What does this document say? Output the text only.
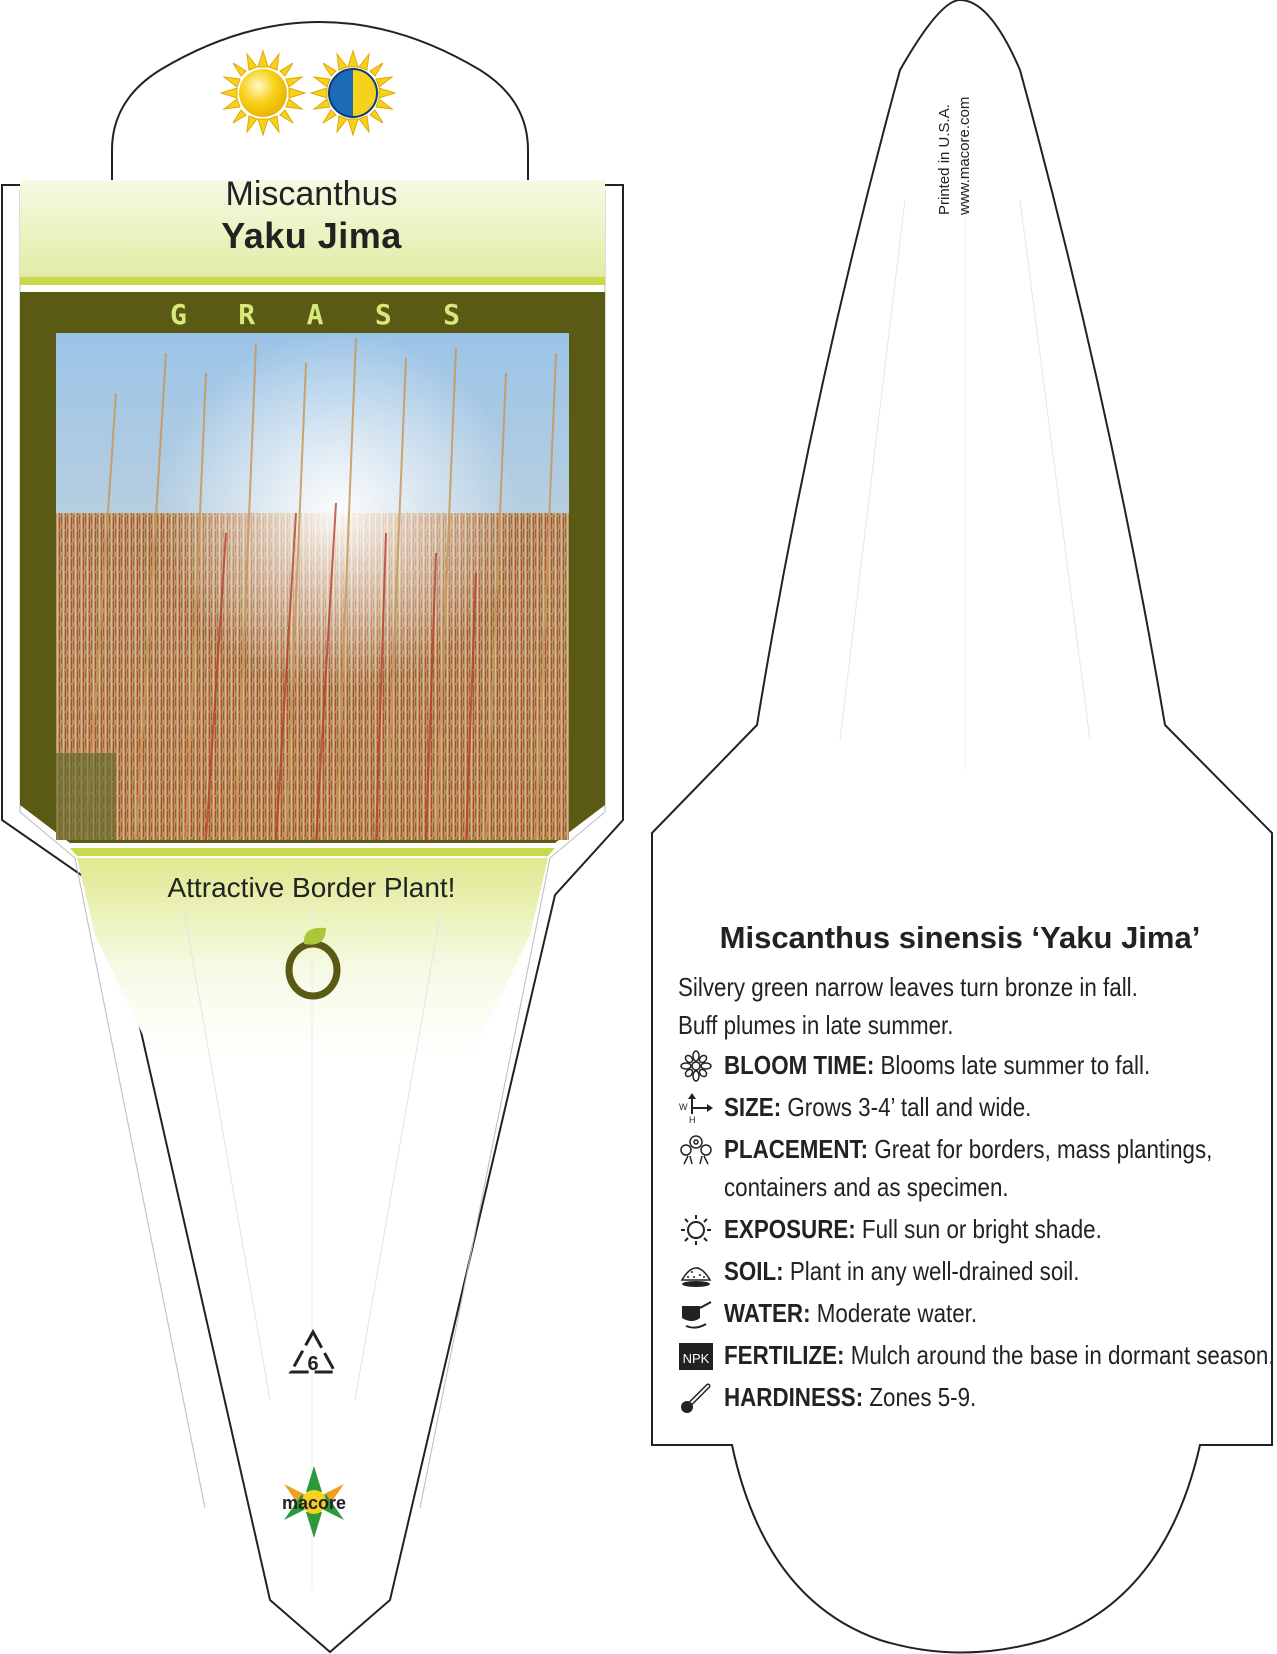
Miscanthus
Yaku Jima
G R A S S
Attractive Border Plant!
6
macore
Printed in U.S.A. www.macore.com
Miscanthus sinensis ‘Yaku Jima’
Silvery green narrow leaves turn bronze in fall. Buff plumes in late summer.
BLOOM TIME: Blooms late summer to fall.
W
H SIZE: Grows 3-4’ tall and wide.
PLACEMENT: Great for borders, mass plantings, containers and as specimen.
EXPOSURE: Full sun or bright shade.
SOIL: Plant in any well-drained soil.
WATER: Moderate water.
NPK FERTILIZE: Mulch around the base in dormant season.
HARDINESS: Zones 5-9.
